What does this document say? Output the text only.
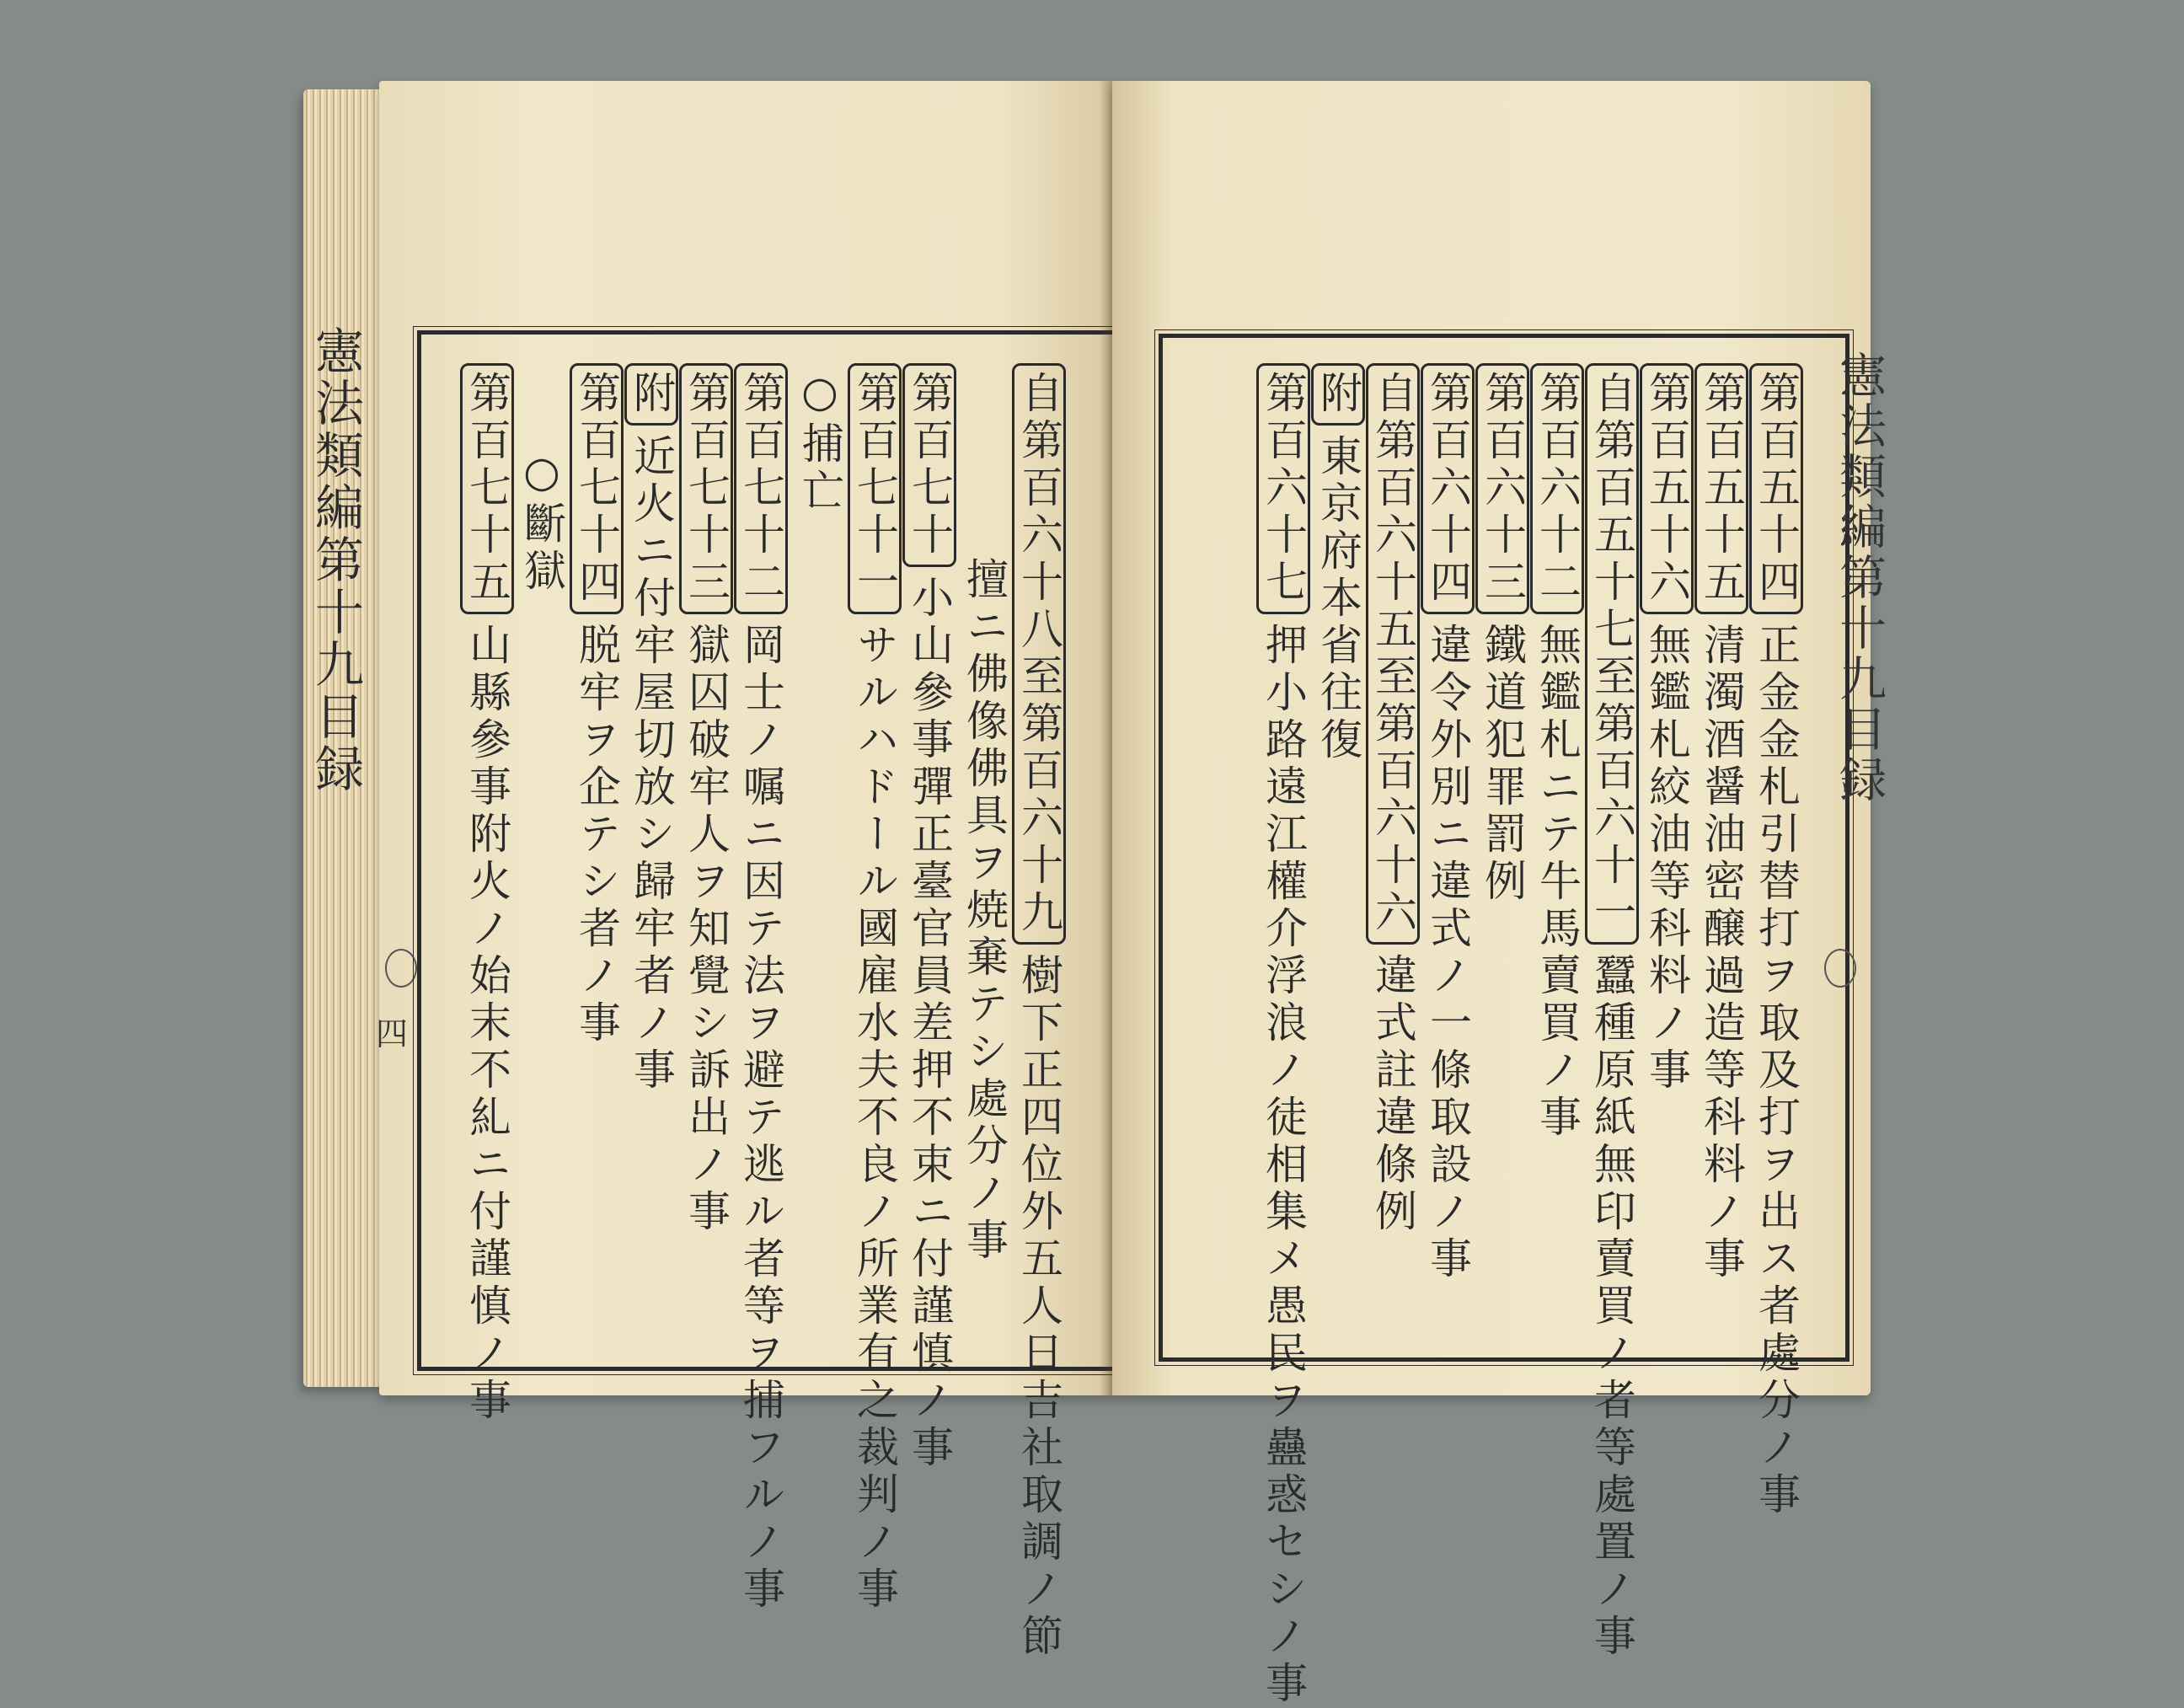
憲法類編第十九目録
四
自第百六十八至第百六十九樹下正四位外五人日吉社取調ノ節
擅ニ佛像佛具ヲ焼棄テシ處分ノ事
第百七十小山參事彈正臺官員差押不束ニ付謹慎ノ事
第百七十一サルハドール國雇水夫不良ノ所業有之裁判ノ事
○捕亡
第百七十二岡士ノ嘱ニ因テ法ヲ避テ逃ル者等ヲ捕フルノ事
第百七十三獄囚破牢人ヲ知覺シ訴出ノ事
附近火ニ付牢屋切放シ歸牢者ノ事
第百七十四脱牢ヲ企テシ者ノ事
○斷獄
第百七十五山縣參事附火ノ始末不糺ニ付謹慎ノ事
憲法類編第十九目録
第百五十四正金金札引替打ヲ取及打ヲ出ス者處分ノ事
第百五十五清濁酒醤油密醸過造等科料ノ事
第百五十六無鑑札絞油等科料ノ事
自第百五十七至第百六十一蠶種原紙無印賣買ノ者等處置ノ事
第百六十二無鑑札ニテ牛馬賣買ノ事
第百六十三鐵道犯罪罰例
第百六十四違令外別ニ違式ノ一條取設ノ事
自第百六十五至第百六十六違式註違條例
附東京府本省往復
第百六十七押小路遠江權介浮浪ノ徒相集メ愚民ヲ蠱惑セシノ事
